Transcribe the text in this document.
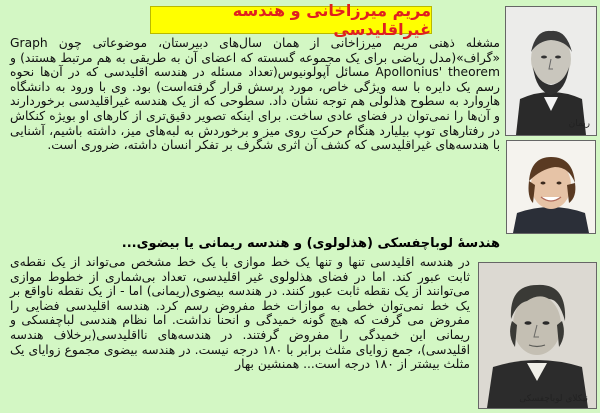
مریم میرزاخانی و هندسه غیراقلیدسی
مشغله ذهنی مریم میرزاخانی از همان سال‌های دبیرستان، موضوعاتی چون Graph «گراف»(مدل ریاضی برای یک مجموعه گسسته که اعضای آن به طریقی به هم مرتبط هستند) و Apollonius' theorem مسائل آپولونیوس(تعداد مسئله در هندسه اقلیدسی که در آن‌ها نحوه رسم یک دایره با سه ویژگی خاص، مورد پرسش قرار گرفته‌است) بود. وی با ورود به دانشگاه هاروارد به سطوح هذلولی هم توجه نشان داد. سطوحی که از یک هندسه غیراقلیدسی برخوردارند و آن‌ها را نمی‌توان در فضای عادی ساخت. برای اینکه تصویر دقیق‌تری از کارهای او بویژه کنکاش در رفتارهای توپ بیلیارد هنگام حرکت روی میز و برخوردش به لبه‌های میز، داشته باشیم، آشنایی با هندسه‌های غیراقلیدسی که کشف آن اثری شگرف بر تفکر انسان داشته، ضروری است.
هندسهٔ لوباچفسکی (هذلولوی) و هندسه ریمانی یا بیضوی...
در هندسه اقلیدسی تنها و تنها یک خط موازی با یک خط مشخص می‌تواند از یک نقطه‌ی ثابت عبور کند. اما در فضای هذلولوی غیر اقلیدسی، تعداد بی‌شماری از خطوط موازی می‌توانند از یک نقطه ثابت عبور کنند. در هندسه بیضوی(ریمانی) اما - از یک نقطه ناواقع بر یک خط نمی‌توان خطی به موازات خط مفروض رسم کرد. هندسه اقلیدسی فضایی را مفروض می گرفت که هیچ گونه خمیدگی و انحنا نداشت. اما نظام هندسی لباچفسکی و ریمانی این خمیدگی را مفروض گرفتند. در هندسه‌های نااقلیدسی(برخلاف هندسه اقلیدسی)، جمع زوایای مثلث برابر با ۱۸۰ درجه نیست. در هندسه بیضوی مجموع زوایای یک مثلث بیشتر از ۱۸۰ درجه است... همنشین بهار
ریمان
نیکلای لوباچفسکی
